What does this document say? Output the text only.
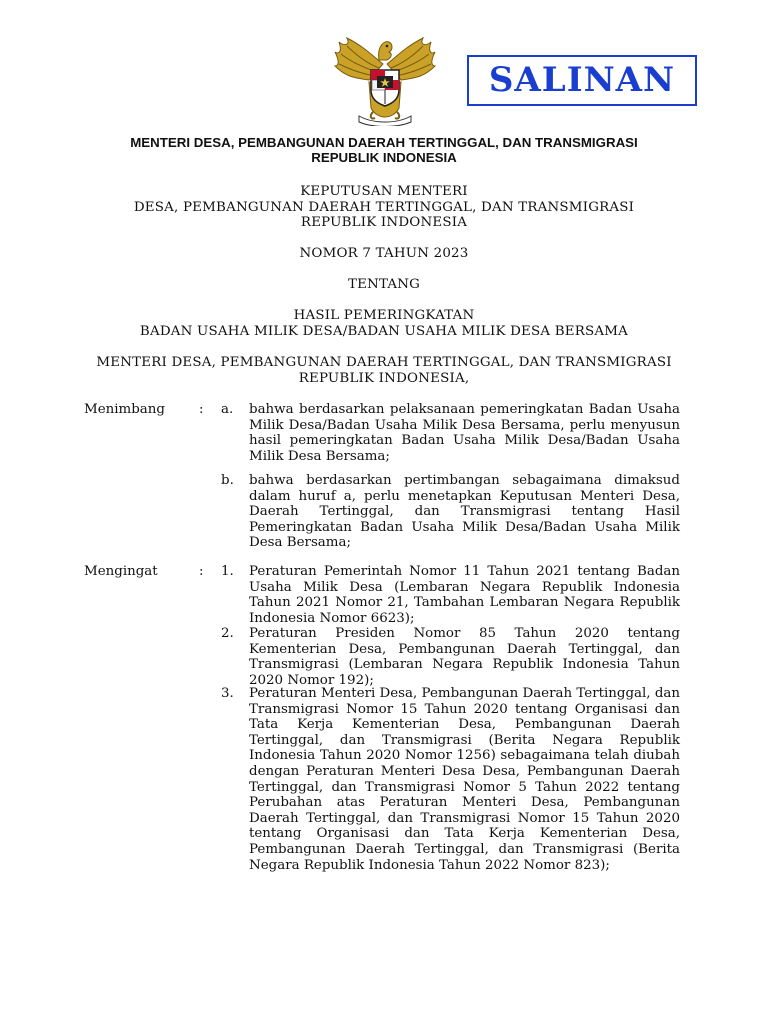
SALINAN
MENTERI DESA, PEMBANGUNAN DAERAH TERTINGGAL, DAN TRANSMIGRASI
REPUBLIK INDONESIA
KEPUTUSAN MENTERI
DESA, PEMBANGUNAN DAERAH TERTINGGAL, DAN TRANSMIGRASI
REPUBLIK INDONESIA
NOMOR 7 TAHUN 2023
TENTANG
HASIL PEMERINGKATAN
BADAN USAHA MILIK DESA/BADAN USAHA MILIK DESA BERSAMA
MENTERI DESA, PEMBANGUNAN DAERAH TERTINGGAL, DAN TRANSMIGRASI
REPUBLIK INDONESIA,
Menimbang	: a. bahwa berdasarkan pelaksanaan pemeringkatan Badan Usaha Milik Desa/Badan Usaha Milik Desa Bersama, perlu menyusun hasil pemeringkatan Badan Usaha Milik Desa/Badan Usaha Milik Desa Bersama;
b. bahwa berdasarkan pertimbangan sebagaimana dimaksud dalam huruf a, perlu menetapkan Keputusan Menteri Desa, Daerah Tertinggal, dan Transmigrasi tentang Hasil Pemeringkatan Badan Usaha Milik Desa/Badan Usaha Milik Desa Bersama;
Mengingat	: 1. Peraturan Pemerintah Nomor 11 Tahun 2021 tentang Badan Usaha Milik Desa (Lembaran Negara Republik Indonesia Tahun 2021 Nomor 21, Tambahan Lembaran Negara Republik Indonesia Nomor 6623);
2. Peraturan Presiden Nomor 85 Tahun 2020 tentang Kementerian Desa, Pembangunan Daerah Tertinggal, dan Transmigrasi (Lembaran Negara Republik Indonesia Tahun 2020 Nomor 192);
3. Peraturan Menteri Desa, Pembangunan Daerah Tertinggal, dan Transmigrasi Nomor 15 Tahun 2020 tentang Organisasi dan Tata Kerja Kementerian Desa, Pembangunan Daerah Tertinggal, dan Transmigrasi (Berita Negara Republik Indonesia Tahun 2020 Nomor 1256) sebagaimana telah diubah dengan Peraturan Menteri Desa Desa, Pembangunan Daerah Tertinggal, dan Transmigrasi Nomor 5 Tahun 2022 tentang Perubahan atas Peraturan Menteri Desa, Pembangunan Daerah Tertinggal, dan Transmigrasi Nomor 15 Tahun 2020 tentang Organisasi dan Tata Kerja Kementerian Desa, Pembangunan Daerah Tertinggal, dan Transmigrasi (Berita Negara Republik Indonesia Tahun 2022 Nomor 823);
